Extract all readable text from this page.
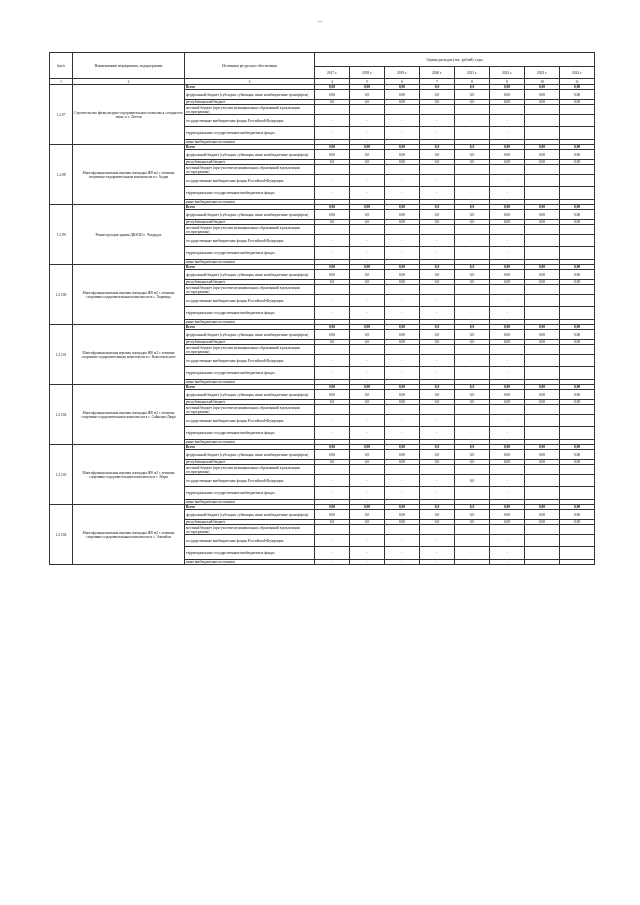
—
№п/п	Наименование мероприятия, подпрограммы	Источники ресурсного обеспечения	Оценка расходов (тыс. рублей), годы							
			2017 г.	2018 г.	2019 г.	2020 г.	2021 г.	2022 г.	2023 г.	2024 г.
1	2	3	4	5	6	7	8	9	10	11
1.2.97	Строительство физкультурно-оздоровительного комплекса «открытого типа» в с. Легеля	Всего	0,00	0,00	0,00	0,0	0,0	0,00	0,00	0,00
		федеральный бюджет (субсидии, субвенции, иные межбюджетные трансферты)	0,00	0,0	0,00	0,0	0,0	0,00	0,00	0,00
		республиканский бюджет	0,0	0,0	0,00	0,0	0,0	0,00	0,00	0,00
		местный бюджет (при участии муниципальных образований в реализации госпрограммы)								
		государственные внебюджетные фонды Российской Федерации	-	-	-	-	-	-		
		территориальные государственные внебюджетные фонды	-	-	-	-	-	-		
		иные внебюджетные источники	-	-	-	-	-	-		
1.2.98	Многофункциональная игровая площадка 800 м2 с летними спортивно-оздоровительным комплексом в г. Алдан	Всего	0,00	0,00	0,00	0,0	0,0	0,00	0,00	0,00
		федеральный бюджет (субсидии, субвенции, иные межбюджетные трансферты)	0,00	0,0	0,00	0,0	0,0	0,00	0,00	0,00
		республиканский бюджет	0,0	0,0	0,00	0,0	0,0	0,00	0,00	0,00
		местный бюджет (при участии муниципальных образований в реализации госпрограммы)								
		государственные внебюджетные фонды Российской Федерации	-	-	-	-	-	-		
		территориальные государственные внебюджетные фонды	-	-	-	-	-	-		
		иные внебюджетные источники	-	-	-	-	-	-		
1.2.99	Реконструкция здания ДЮСШ с. Чокурдах	Всего	0,00	0,00	0,00	0,0	0,0	0,00	0,00	0,00
		федеральный бюджет (субсидии, субвенции, иные межбюджетные трансферты)	0,00	0,0	0,00	0,0	0,0	0,00	0,00	0,00
		республиканский бюджет	0,0	0,0	0,00	0,0	0,0	0,00	0,00	0,00
		местный бюджет (при участии муниципальных образований в реализации госпрограммы)								
		государственные внебюджетные фонды Российской Федерации	-	-	-	-	-	-		
		территориальные государственные внебюджетные фонды	-	-	-	-	-	-		
		иные внебюджетные источники	-	-	-	-	-	-		
1.2.100	Многофункциональная игровая площадка 800 м2 с летними спортивно-оздоровительным комплексом в с. Хоринцы	Всего	0,00	0,00	0,00	0,0	0,0	0,00	0,00	0,00
		федеральный бюджет (субсидии, субвенции, иные межбюджетные трансферты)	0,00	0,0	0,00	0,0	0,0	0,00	0,00	0,00
		республиканский бюджет	0,0	0,0	0,00	0,0	0,0	0,00	0,00	0,00
		местный бюджет (при участии муниципальных образований в реализации госпрограммы)								
		государственные внебюджетные фонды Российской Федерации	-	-	-	-	-	-		
		территориальные государственные внебюджетные фонды	-	-	-	-	-	-		
		иные внебюджетные источники	-	-	-	-	-	-		
1.2.101	Многофункциональная игровая площадка 800 м2 с летними спортивно-оздоровительным комплексом в с. Комсомольское	Всего	0,00	0,00	0,00	0,0	0,0	0,00	0,00	0,00
		федеральный бюджет (субсидии, субвенции, иные межбюджетные трансферты)	0,00	0,0	0,00	0,0	0,0	0,00	0,00	0,00
		республиканский бюджет	0,0	0,0	0,00	0,0	0,0	0,00	0,00	0,00
		местный бюджет (при участии муниципальных образований в реализации госпрограммы)								
		государственные внебюджетные фонды Российской Федерации	-	-	-	-	-	-		
		территориальные государственные внебюджетные фонды	-	-	-	-	-	-		
		иные внебюджетные источники	-	-	-	-	-	-		
1.2.102	Многофункциональная игровая площадка 800 м2 с летними спортивно-оздоровительным комплексом в с. Сайылык-Дюра	Всего	0,00	0,00	0,00	0,0	0,0	0,00	0,00	0,00
		федеральный бюджет (субсидии, субвенции, иные межбюджетные трансферты)	0,00	0,0	0,00	0,0	0,0	0,00	0,00	0,00
		республиканский бюджет	0,0	0,0	0,00	0,0	0,0	0,00	0,00	0,00
		местный бюджет (при участии муниципальных образований в реализации госпрограммы)								
		государственные внебюджетные фонды Российской Федерации	-	-	-	-	-	-		
		территориальные государственные внебюджетные фонды	-	-	-	-	-	-		
		иные внебюджетные источники	-	-	-	-	-	-		
1.2.103	Многофункциональная игровая площадка 800 м2 с летними спортивно-оздоровительным комплексом в с. Мэри	Всего	0,00	0,00	0,00	0,0	0,0	0,00	0,00	0,00
		федеральный бюджет (субсидии, субвенции, иные межбюджетные трансферты)	0,00	0,0	0,00	0,0	0,0	0,00	0,00	0,00
		республиканский бюджет	0,0	0,0	0,00	0,0	0,0	0,00	0,00	0,00
		местный бюджет (при участии муниципальных образований в реализации госпрограммы)								
		государственные внебюджетные фонды Российской Федерации	-	-	-	-	0,0	-		
		территориальные государственные внебюджетные фонды	-	-	-	-	-	-		
		иные внебюджетные источники	-	-	-	-	-	-		
1.2.104	Многофункциональная игровая площадка 800 м2 с летними спортивно-оздоровительным комплексом в с. Эльгяйчи	Всего	0,00	0,00	0,00	0,0	0,0	0,00	0,00	0,00
		федеральный бюджет (субсидии, субвенции, иные межбюджетные трансферты)	0,00	0,0	0,00	0,0	0,0	0,00	0,00	0,00
		республиканский бюджет	0,0	0,0	0,00	0,0	0,0	0,00	0,00	0,00
		местный бюджет (при участии муниципальных образований в реализации госпрограммы)								
		государственные внебюджетные фонды Российской Федерации	-	-	-	-	-	-		
		территориальные государственные внебюджетные фонды	-	-	-	-	-	-		
		иные внебюджетные источники	-	-	-	-	-	-		
